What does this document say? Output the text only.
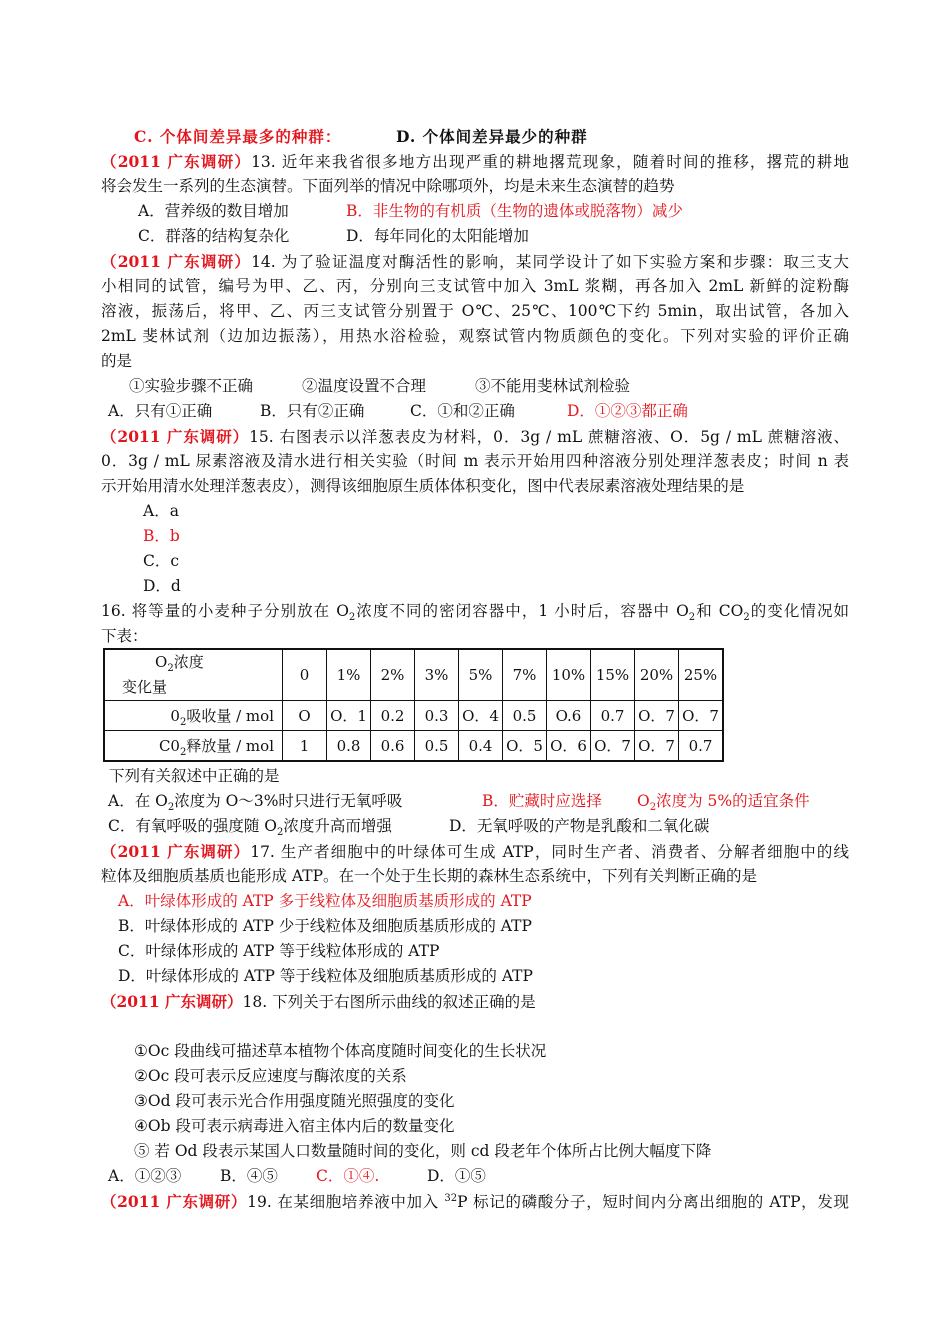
C. 个体间差异最多的种群：	D. 个体间差异最少的种群
（2011 广东调研）13. 近年来我省很多地方出现严重的耕地撂荒现象，随着时间的推移，撂荒的耕地
将会发生一系列的生态演替。下面列举的情况中除哪项外，均是未来生态演替的趋势
A．营养级的数目增加	B．非生物的有机质（生物的遗体或脱落物）减少
C．群落的结构复杂化	D．每年同化的太阳能增加
（2011 广东调研）14. 为了验证温度对酶活性的影响，某同学设计了如下实验方案和步骤：取三支大
小相同的试管，编号为甲、乙、丙，分别向三支试管中加入 3mL 浆糊，再各加入 2mL 新鲜的淀粉酶
溶液，振荡后，将甲、乙、丙三支试管分别置于 O℃、25℃、100℃下约 5min，取出试管，各加入
2mL 斐林试剂（边加边振荡），用热水浴检验，观察试管内物质颜色的变化。下列对实验的评价正确
的是
①实验步骤不正确	②温度设置不合理	③不能用斐林试剂检验
A．只有①正确	B．只有②正确	C．①和②正确	D．①②③都正确
（2011 广东调研）15. 右图表示以洋葱表皮为材料，0．3g / mL 蔗糖溶液、O．5g / mL 蔗糖溶液、
0．3g / mL 尿素溶液及清水进行相关实验（时间 m 表示开始用四种溶液分别处理洋葱表皮；时间 n 表
示开始用清水处理洋葱表皮），测得该细胞原生质体体积变化，图中代表尿素溶液处理结果的是
A．a
B．b
C．c
D．d
16. 将等量的小麦种子分别放在 $O_2$浓度不同的密闭容器中，1 小时后，容器中 $O_2$和 $CO_2$的变化情况如
下表：
$O_2$浓度
变化量	0	1%	2%	3%	5%	7%	10%	15%	20%	25%
$0_2$吸收量 / mol	O	O．1	0.2	0.3	O．4	0.5	O.6	0.7	O．7	O．7
$C0_2$释放量 / mol	1	0.8	0.6	0.5	0.4	O．5	O．6	O．7	O．7	0.7
下列有关叙述中正确的是
A．在 $O_2$浓度为 O～3%时只进行无氧呼吸	B．贮藏时应选择 $O_2$浓度为 5%的适宜条件
C．有氧呼吸的强度随 $O_2$浓度升高而增强	D．无氧呼吸的产物是乳酸和二氧化碳
（2011 广东调研）17. 生产者细胞中的叶绿体可生成 ATP，同时生产者、消费者、分解者细胞中的线
粒体及细胞质基质也能形成 ATP。在一个处于生长期的森林生态系统中，下列有关判断正确的是
A．叶绿体形成的 ATP 多于线粒体及细胞质基质形成的 ATP
B．叶绿体形成的 ATP 少于线粒体及细胞质基质形成的 ATP
C．叶绿体形成的 ATP 等于线粒体形成的 ATP
D．叶绿体形成的 ATP 等于线粒体及细胞质基质形成的 ATP
（2011 广东调研）18. 下列关于右图所示曲线的叙述正确的是
①Oc 段曲线可描述草本植物个体高度随时间变化的生长状况
②Oc 段可表示反应速度与酶浓度的关系
③Od 段可表示光合作用强度随光照强度的变化
④Ob 段可表示病毒进入宿主体内后的数量变化
⑤ 若 Od 段表示某国人口数量随时间的变化，则 cd 段老年个体所占比例大幅度下降
A．①②③	B．④⑤ C．①④.	D．①⑤
（2011 广东调研）19. 在某细胞培养液中加入 $^{32}$P 标记的磷酸分子，短时间内分离出细胞的 ATP，发现
